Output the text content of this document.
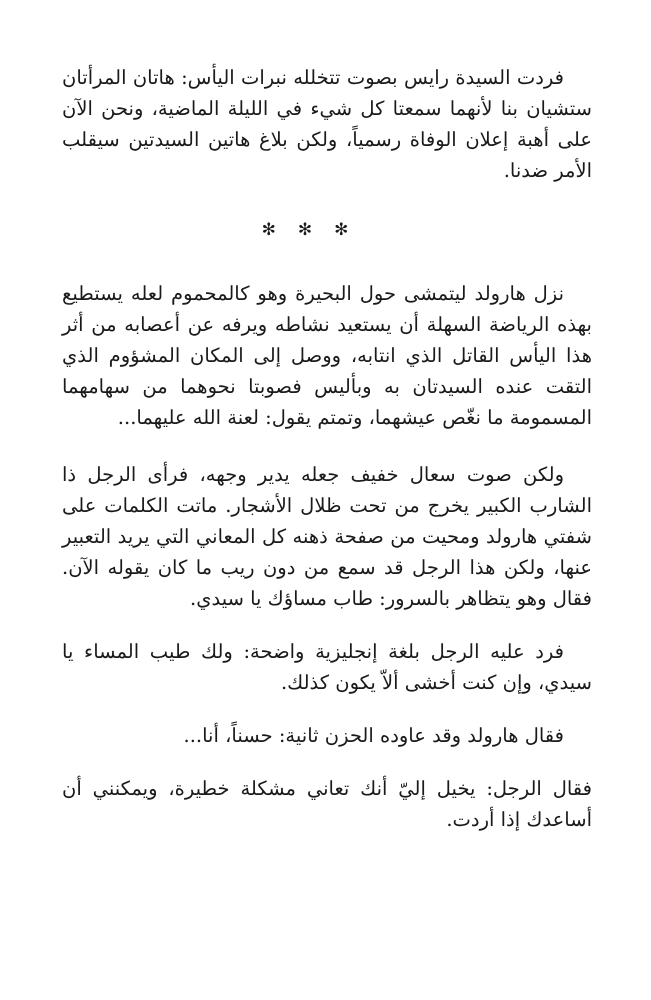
فردت السيدة رايس بصوت تتخلله نبرات اليأس: هاتان المرأتان ستشيان بنا لأنهما سمعتا كل شيء في الليلة الماضية، ونحن الآن على أهبة إعلان الوفاة رسمياً، ولكن بلاغ هاتين السيدتين سيقلب الأمر ضدنا.

✻✻✻

نزل هارولد ليتمشى حول البحيرة وهو كالمحموم لعله يستطيع بهذه الرياضة السهلة أن يستعيد نشاطه ويرفه عن أعصابه من أثر هذا اليأس القاتل الذي انتابه، ووصل إلى المكان المشؤوم الذي التقت عنده السيدتان به وبأليس فصوبتا نحوهما من سهامهما المسمومة ما نغّص عيشهما، وتمتم يقول: لعنة الله عليهما...

ولكن صوت سعال خفيف جعله يدير وجهه، فرأى الرجل ذا الشارب الكبير يخرج من تحت ظلال الأشجار. ماتت الكلمات على شفتي هارولد ومحيت من صفحة ذهنه كل المعاني التي يريد التعبير عنها، ولكن هذا الرجل قد سمع من دون ريب ما كان يقوله الآن. فقال وهو يتظاهر بالسرور: طاب مساؤك يا سيدي.

فرد عليه الرجل بلغة إنجليزية واضحة: ولك طيب المساء يا سيدي، وإن كنت أخشى ألاّ يكون كذلك.

فقال هارولد وقد عاوده الحزن ثانية: حسناً، أنا...

فقال الرجل: يخيل إليّ أنك تعاني مشكلة خطيرة، ويمكنني أن أساعدك إذا أردت.
